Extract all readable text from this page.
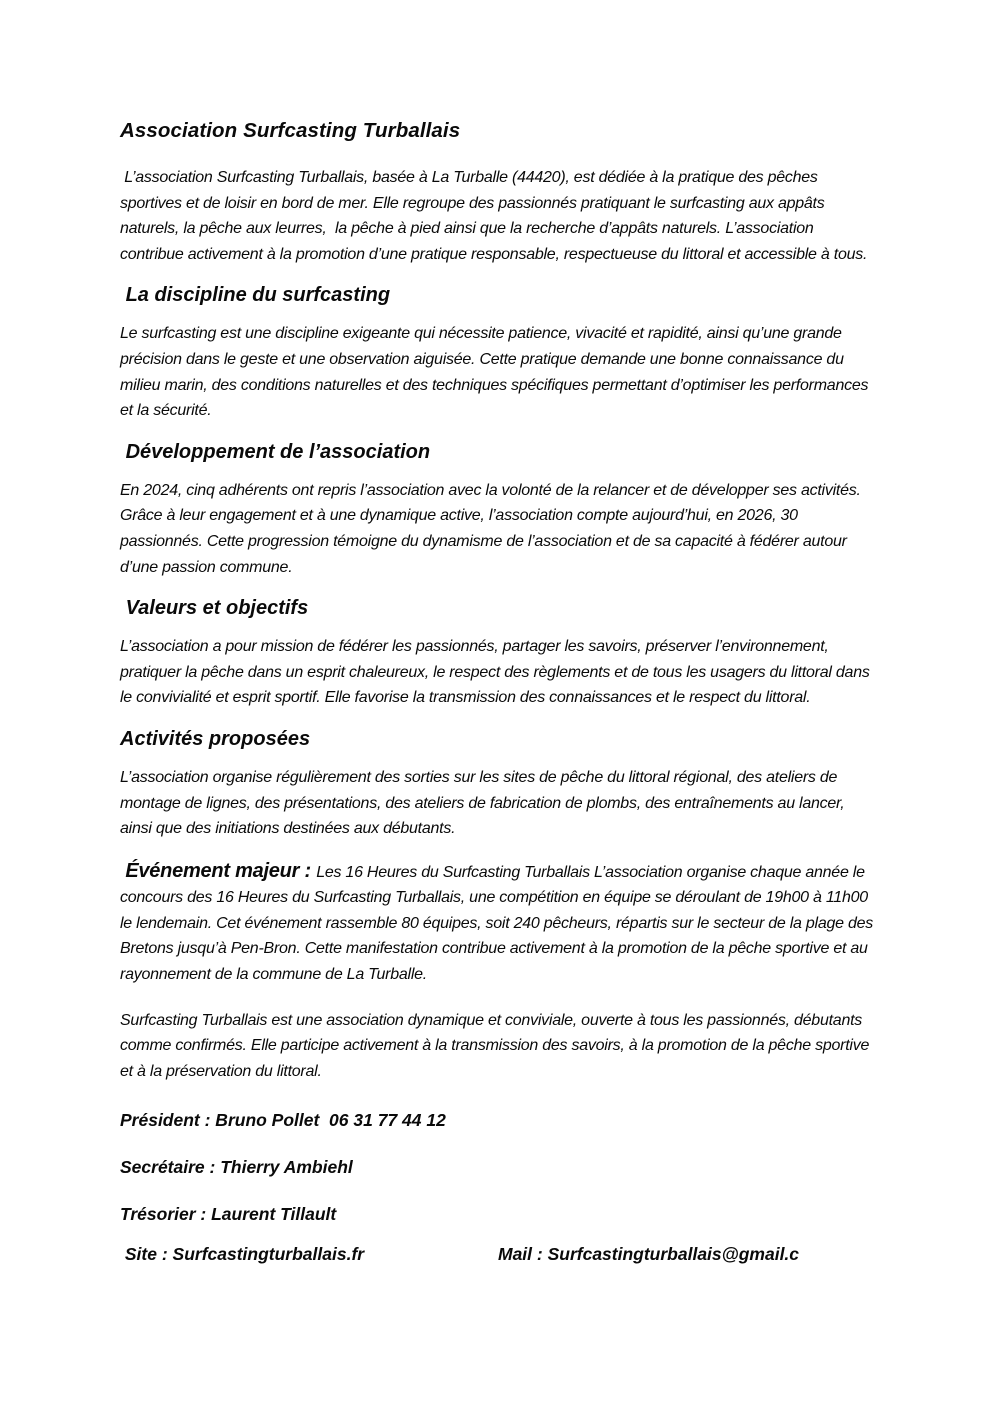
Association Surfcasting Turballais

L’association Surfcasting Turballais, basée à La Turballe (44420), est dédiée à la pratique des pêches sportives et de loisir en bord de mer. Elle regroupe des passionnés pratiquant le surfcasting aux appâts naturels, la pêche aux leurres,  la pêche à pied ainsi que la recherche d’appâts naturels. L’association contribue activement à la promotion d’une pratique responsable, respectueuse du littoral et accessible à tous.

La discipline du surfcasting

Le surfcasting est une discipline exigeante qui nécessite patience, vivacité et rapidité, ainsi qu’une grande précision dans le geste et une observation aiguisée. Cette pratique demande une bonne connaissance du milieu marin, des conditions naturelles et des techniques spécifiques permettant d’optimiser les performances et la sécurité.

Développement de l’association

En 2024, cinq adhérents ont repris l’association avec la volonté de la relancer et de développer ses activités. Grâce à leur engagement et à une dynamique active, l’association compte aujourd’hui, en 2026, 30 passionnés. Cette progression témoigne du dynamisme de l’association et de sa capacité à fédérer autour d’une passion commune.

Valeurs et objectifs

L’association a pour mission de fédérer les passionnés, partager les savoirs, préserver l’environnement, pratiquer la pêche dans un esprit chaleureux, le respect des règlements et de tous les usagers du littoral dans le convivialité et esprit sportif. Elle favorise la transmission des connaissances et le respect du littoral.

Activités proposées

L’association organise régulièrement des sorties sur les sites de pêche du littoral régional, des ateliers de montage de lignes, des présentations, des ateliers de fabrication de plombs, des entraînements au lancer, ainsi que des initiations destinées aux débutants.

Événement majeur : Les 16 Heures du Surfcasting Turballais L’association organise chaque année le concours des 16 Heures du Surfcasting Turballais, une compétition en équipe se déroulant de 19h00 à 11h00 le lendemain. Cet événement rassemble 80 équipes, soit 240 pêcheurs, répartis sur le secteur de la plage des Bretons jusqu’à Pen-Bron. Cette manifestation contribue activement à la promotion de la pêche sportive et au rayonnement de la commune de La Turballe.

Surfcasting Turballais est une association dynamique et conviviale, ouverte à tous les passionnés, débutants comme confirmés. Elle participe activement à la transmission des savoirs, à la promotion de la pêche sportive et à la préservation du littoral.

Président : Bruno Pollet  06 31 77 44 12

Secrétaire : Thierry Ambiehl

Trésorier : Laurent Tillault

Site : Surfcastingturballais.fr	Mail : Surfcastingturballais@gmail.c
